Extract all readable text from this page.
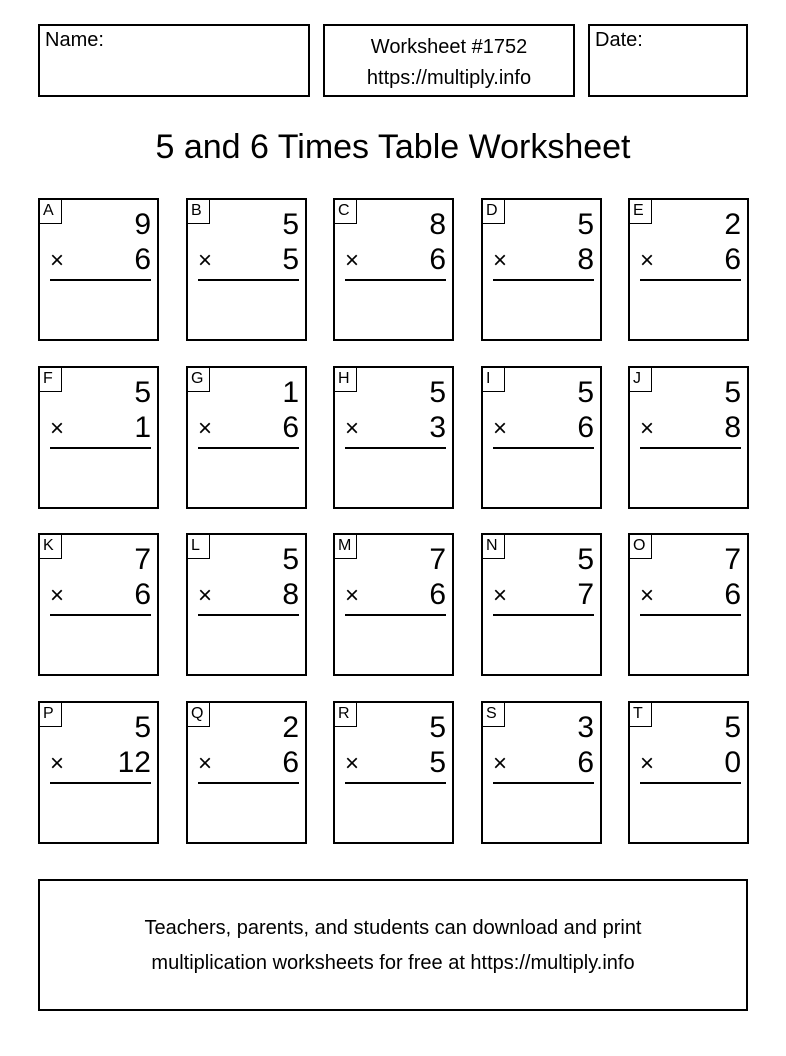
Name:	Worksheet #1752
https://multiply.info
Date:
5 and 6 Times Table Worksheet
A	9
× 6
B	5
× 5
C	8
× 6
D	5
× 8
E	2
× 6
F	5
× 1
G	1
× 6
H	5
× 3
I	5
× 6
J	5
× 8
K	7
× 6
L	5
× 8
M	7
× 6
N	5
× 7
O	7
× 6
P	5
× 12
Q	2
× 6
R	5
× 5
S	3
× 6
T	5
× 0
Teachers, parents, and students can download and print
multiplication worksheets for free at https://multiply.info
